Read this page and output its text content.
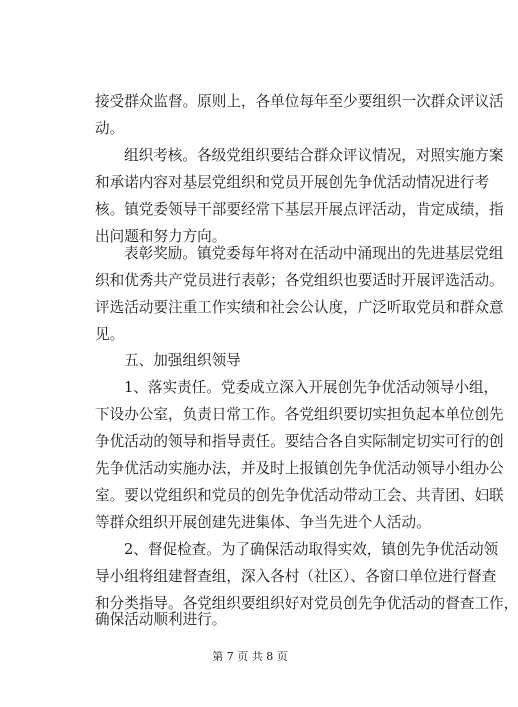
接受群众监督。原则上，各单位每年至少要组织一次群众评议活
动。
组织考核。各级党组织要结合群众评议情况，对照实施方案
和承诺内容对基层党组织和党员开展创先争优活动情况进行考
核。镇党委领导干部要经常下基层开展点评活动，肯定成绩，指
出问题和努力方向。
表彰奖励。镇党委每年将对在活动中涌现出的先进基层党组
织和优秀共产党员进行表彰；各党组织也要适时开展评选活动。
评选活动要注重工作实绩和社会公认度，广泛听取党员和群众意
见。
五、加强组织领导
1、落实责任。党委成立深入开展创先争优活动领导小组，
下设办公室，负责日常工作。各党组织要切实担负起本单位创先
争优活动的领导和指导责任。要结合各自实际制定切实可行的创
先争优活动实施办法，并及时上报镇创先争优活动领导小组办公
室。要以党组织和党员的创先争优活动带动工会、共青团、妇联
等群众组织开展创建先进集体、争当先进个人活动。
2、督促检查。为了确保活动取得实效，镇创先争优活动领
导小组将组建督查组，深入各村（社区）、各窗口单位进行督查
和分类指导。各党组织要组织好对党员创先争优活动的督查工作，
确保活动顺利进行。
第 7 页 共 8 页
